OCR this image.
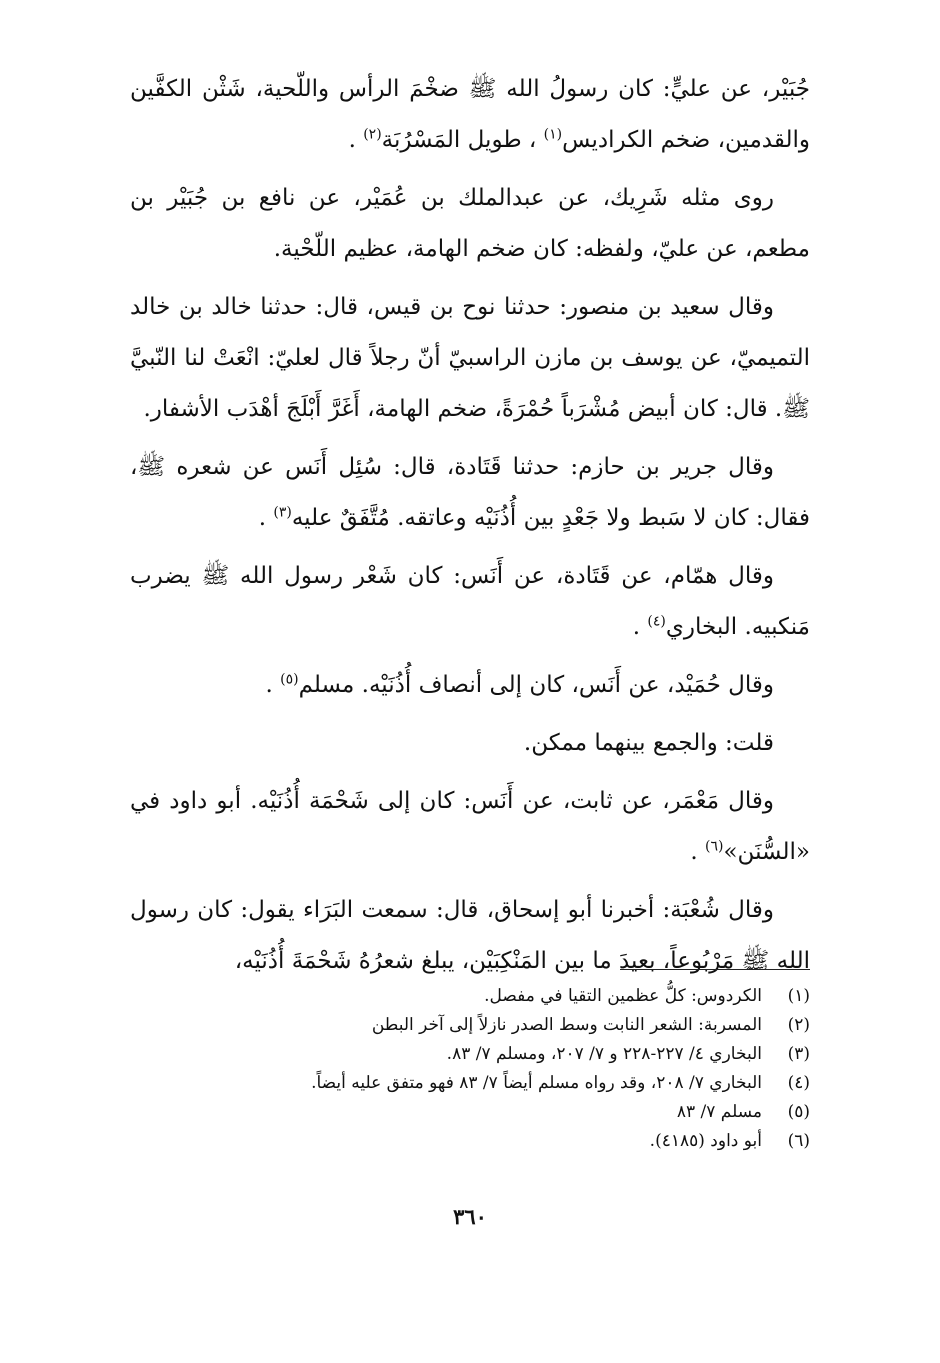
جُبَيْر، عن عليٍّ: كان رسولُ الله ﷺ ضخْمَ الرأس واللّحية، شَثْن الكفَّين والقدمين، ضخم الكراديس$^{(١)}$ ، طويل المَسْرُبَة$^{(٢)}$ .

روى مثله شَرِيك، عن عبدالملك بن عُمَيْر، عن نافع بن جُبَيْر بن مطعم، عن عليّ، ولفظه: كان ضخم الهامة، عظيم اللّحْية.

وقال سعيد بن منصور: حدثنا نوح بن قيس، قال: حدثنا خالد بن خالد التميميّ، عن يوسف بن مازن الراسبيّ أنّ رجلاً قال لعليّ: انْعَتْ لنا النّبيَّ ﷺ. قال: كان أبيض مُشْرَباً حُمْرَةً، ضخم الهامة، أَغَرَّ أَبْلَجَ أهْدَب الأشفار.

وقال جرير بن حازم: حدثنا قَتَادة، قال: سُئِل أَنَس عن شعره ﷺ، فقال: كان لا سَبط ولا جَعْدٍ بين أُذُنَيْه وعاتقه. مُتَّفَقٌ عليه$^{(٣)}$ .

وقال همّام، عن قَتَادة، عن أَنَس: كان شَعْر رسول الله ﷺ يضرب مَنكبيه. البخاري$^{(٤)}$ .

وقال حُمَيْد، عن أَنَس، كان إلى أنصاف أُذُنَيْه. مسلم$^{(٥)}$ .

قلت: والجمع بينهما ممكن.

وقال مَعْمَر، عن ثابت، عن أَنَس: كان إلى شَحْمَة أُذُنَيْه. أبو داود في «السُّنَن»$^{(٦)}$ .

وقال شُعْبَة: أخبرنا أبو إسحاق، قال: سمعت البَرَاء يقول: كان رسول الله ﷺ مَرْبُوعاً، بعيدَ ما بين المَنْكِبَيْن، يبلغ شعرُهُ شَحْمَةَ أُذُنَيْه،

(١)
الكردوس: كلُّ عظمين التقيا في مفصل.
(٢)
المسربة: الشعر النابت وسط الصدر نازلاً إلى آخر البطن
(٣)
البخاري ٤/ ٢٢٧-٢٢٨ و ٧/ ٢٠٧، ومسلم ٧/ ٨٣.
(٤)
البخاري ٧/ ٢٠٨، وقد رواه مسلم أيضاً ٧/ ٨٣ فهو متفق عليه أيضاً.
(٥)
مسلم ٧/ ٨٣
(٦)
أبو داود (٤١٨٥).
٣٦٠
